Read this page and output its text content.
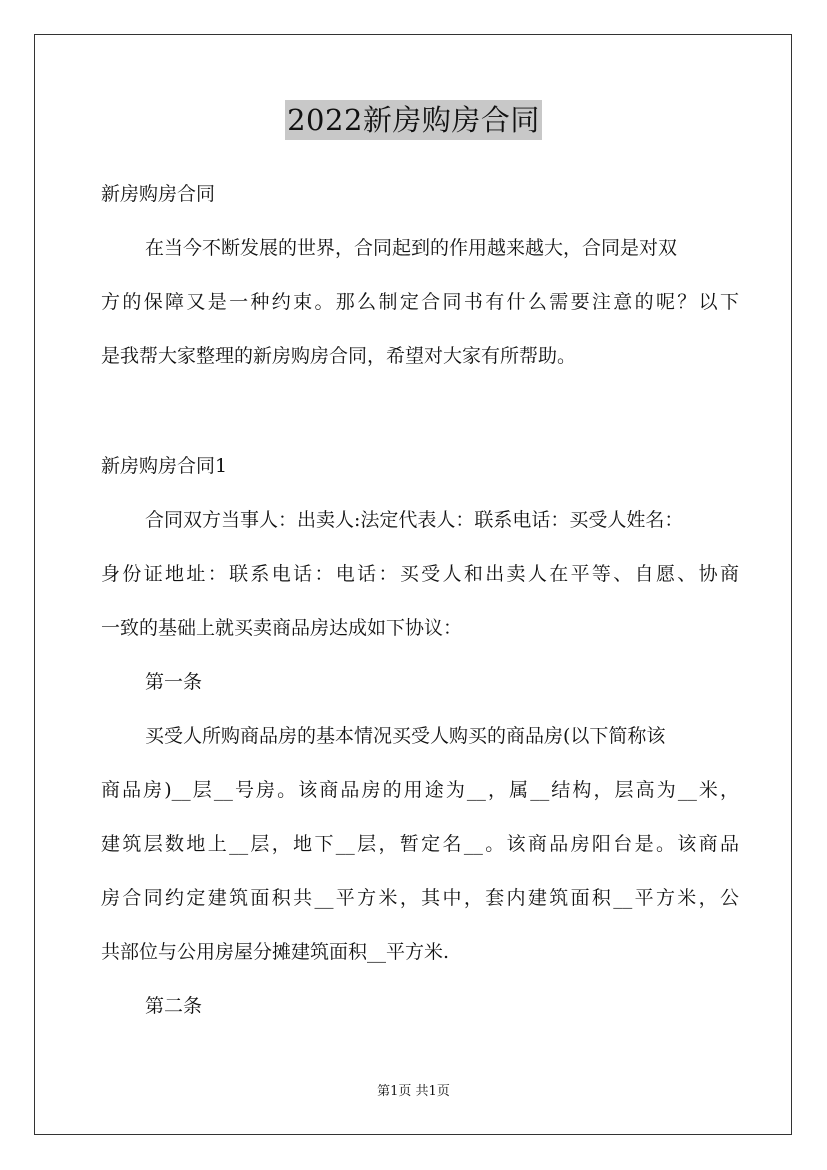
2022新房购房合同
新房购房合同
在当今不断发展的世界，合同起到的作用越来越大，合同是对双
方的保障又是一种约束。那么制定合同书有什么需要注意的呢？以下
是我帮大家整理的新房购房合同，希望对大家有所帮助。
新房购房合同1
合同双方当事人：出卖人:法定代表人：联系电话：买受人姓名：
身份证地址：联系电话：电话：买受人和出卖人在平等、自愿、协商
一致的基础上就买卖商品房达成如下协议：
第一条
买受人所购商品房的基本情况买受人购买的商品房(以下简称该
商品房)__层__号房。该商品房的用途为__，属__结构，层高为__米，
建筑层数地上__层，地下__层，暂定名__。该商品房阳台是。该商品
房合同约定建筑面积共__平方米，其中，套内建筑面积__平方米，公
共部位与公用房屋分摊建筑面积__平方米.
第二条
第1页 共1页
